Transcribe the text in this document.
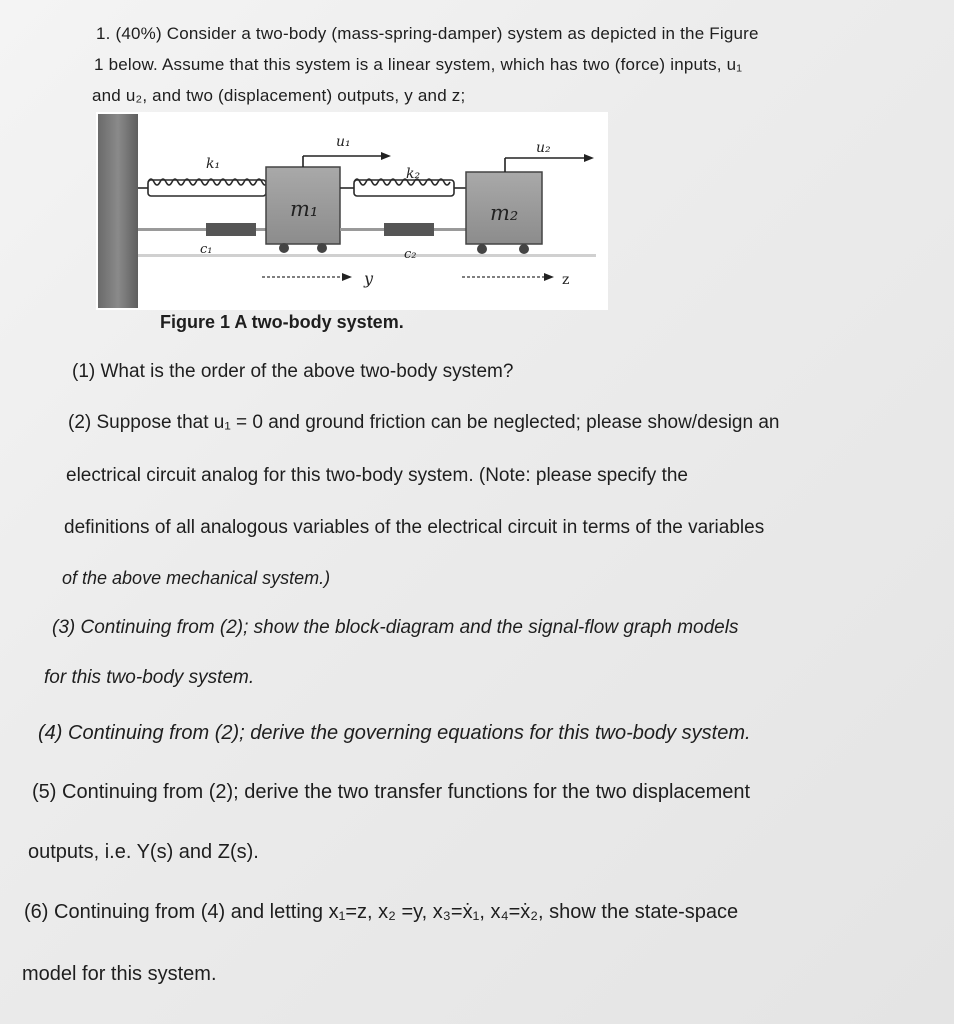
1. (40%) Consider a two-body (mass-spring-damper) system as depicted in the Figure
1 below. Assume that this system is a linear system, which has two (force) inputs, u₁
and u₂, and two (displacement) outputs, y and z;
k₁
k₂
c₁	c₂
m₁	m₂
u₁	u₂
y	z
Figure 1 A two-body system.
(1) What is the order of the above two-body system?
(2) Suppose that u₁ = 0 and ground friction can be neglected; please show/design an
electrical circuit analog for this two-body system. (Note: please specify the
definitions of all analogous variables of the electrical circuit in terms of the variables
of the above mechanical system.)
(3) Continuing from (2); show the block-diagram and the signal-flow graph models
for this two-body system.
(4) Continuing from (2); derive the governing equations for this two-body system.
(5) Continuing from (2); derive the two transfer functions for the two displacement
outputs, i.e. Y(s) and Z(s).
(6) Continuing from (4) and letting x₁=z, x₂ =y, x₃=ẋ₁, x₄=ẋ₂, show the state-space
model for this system.
